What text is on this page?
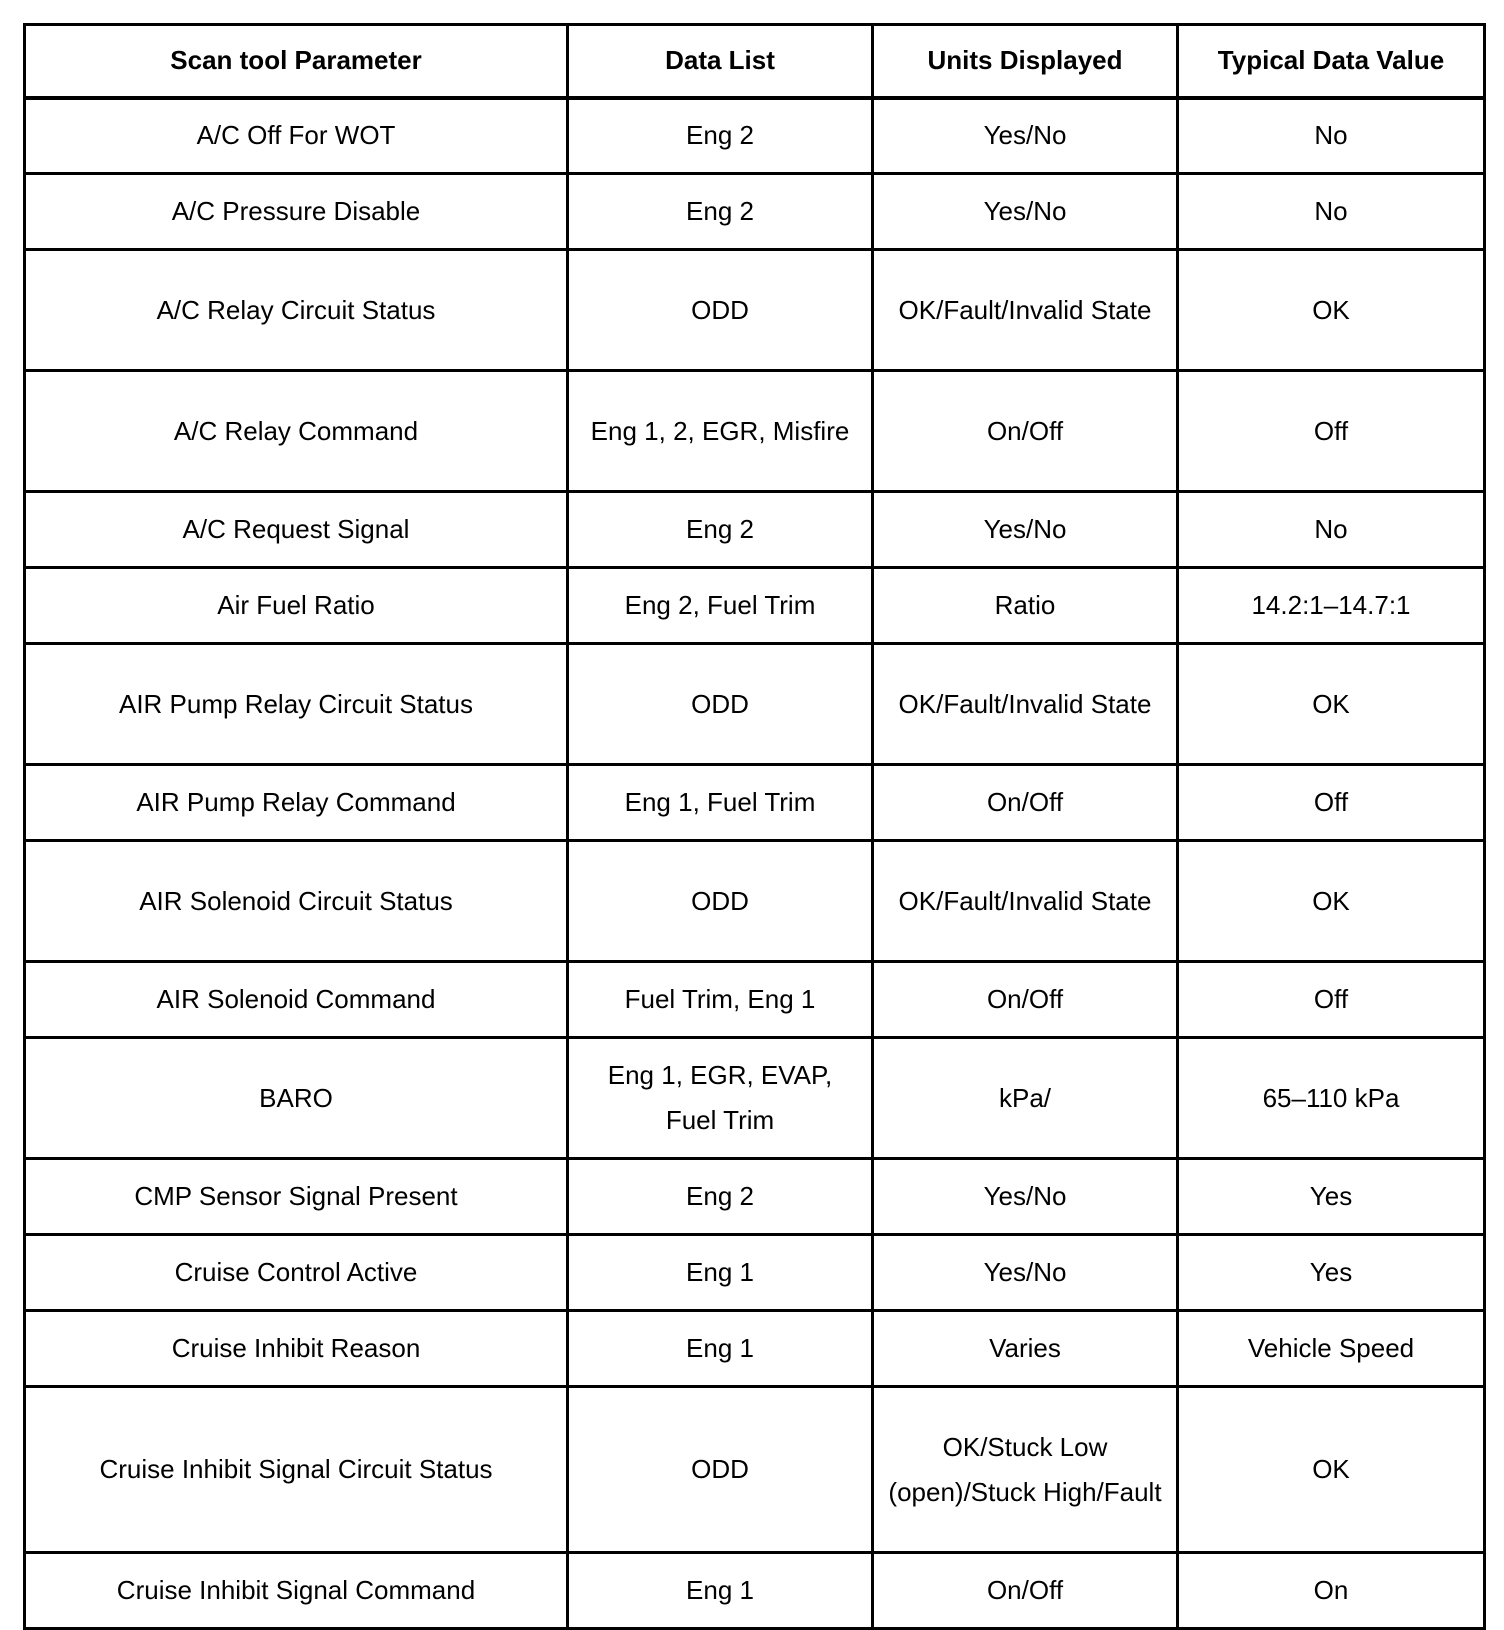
Scan tool Parameter	Data List	Units Displayed	Typical Data Value
A/C Off For WOT	Eng 2	Yes/No	No
A/C Pressure Disable	Eng 2	Yes/No	No
A/C Relay Circuit Status	ODD	OK/Fault/Invalid State	OK
A/C Relay Command	Eng 1, 2, EGR, Misfire	On/Off	Off
A/C Request Signal	Eng 2	Yes/No	No
Air Fuel Ratio	Eng 2, Fuel Trim	Ratio	14.2:1–14.7:1
AIR Pump Relay Circuit Status	ODD	OK/Fault/Invalid State	OK
AIR Pump Relay Command	Eng 1, Fuel Trim	On/Off	Off
AIR Solenoid Circuit Status	ODD	OK/Fault/Invalid State	OK
AIR Solenoid Command	Fuel Trim, Eng 1	On/Off	Off
BARO	Eng 1, EGR, EVAP, Fuel Trim	kPa/	65–110 kPa
CMP Sensor Signal Present	Eng 2	Yes/No	Yes
Cruise Control Active	Eng 1	Yes/No	Yes
Cruise Inhibit Reason	Eng 1	Varies	Vehicle Speed
Cruise Inhibit Signal Circuit Status	ODD	OK/Stuck Low (open)/Stuck High/Fault	OK
Cruise Inhibit Signal Command	Eng 1	On/Off	On
